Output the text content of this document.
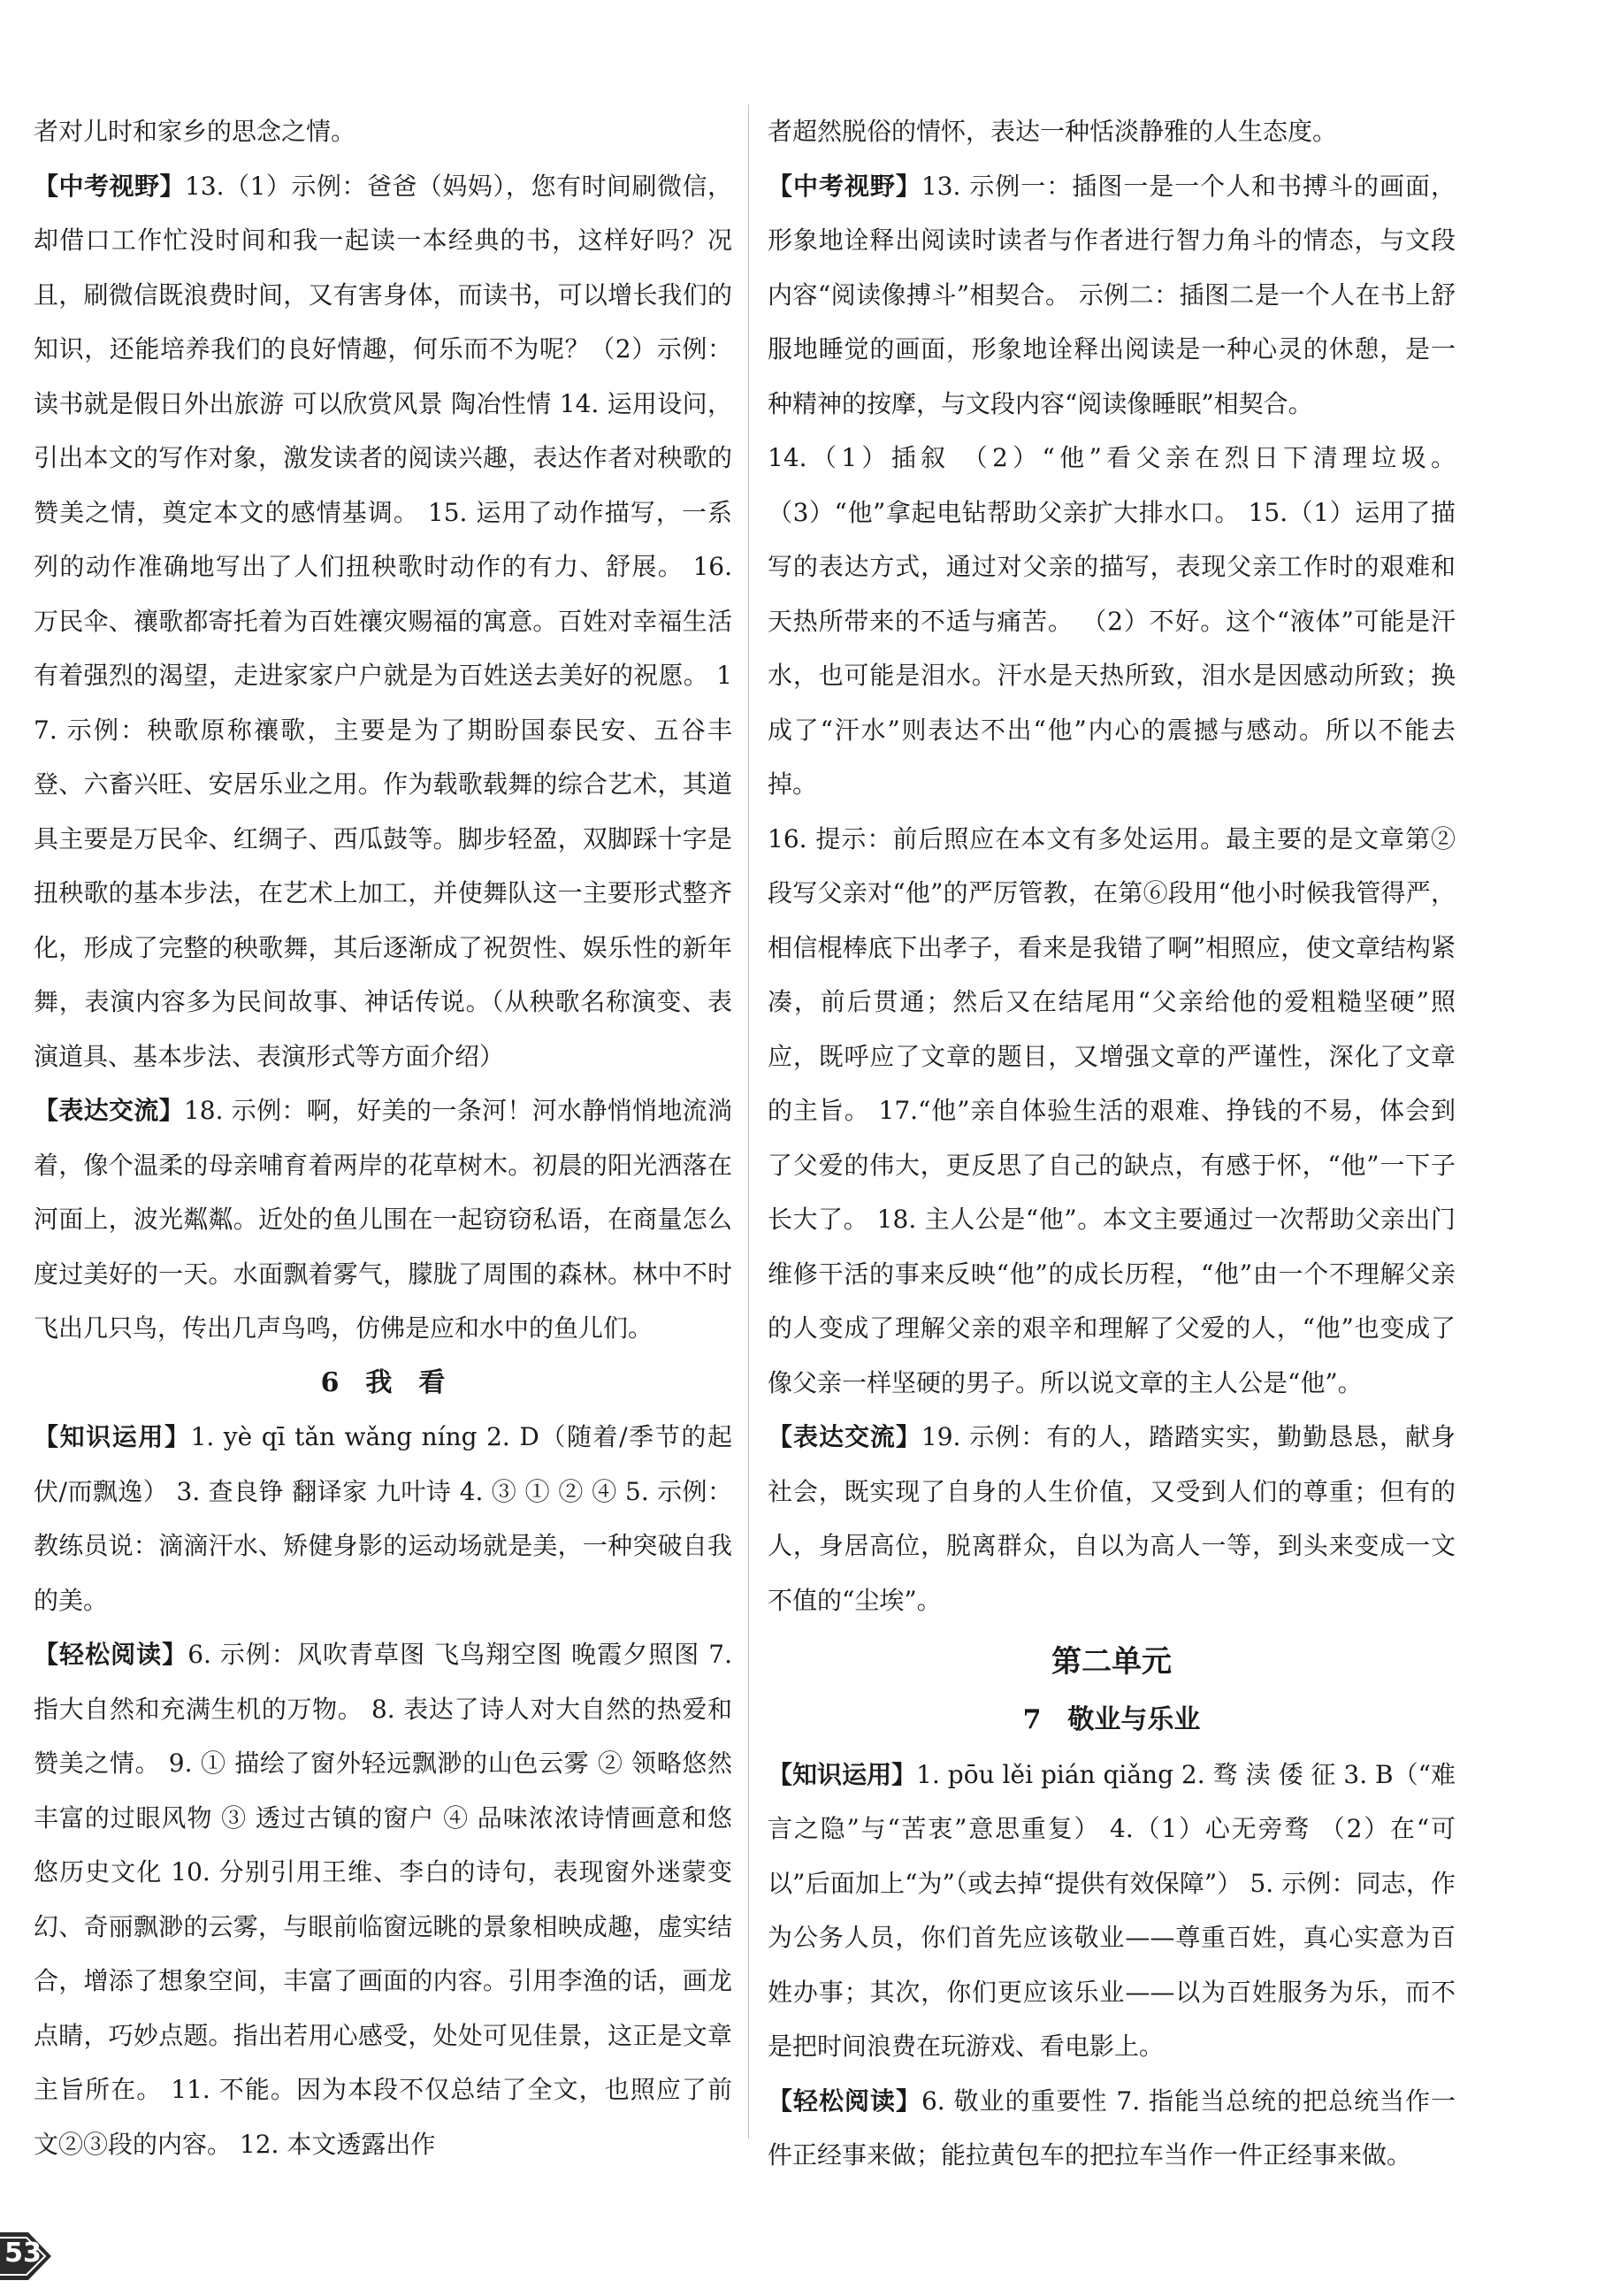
者对儿时和家乡的思念之情。
【中考视野】13.（1）示例：爸爸（妈妈），您有时间刷微信，却借口工作忙没时间和我一起读一本经典的书，这样好吗？况且，刷微信既浪费时间，又有害身体，而读书，可以增长我们的知识，还能培养我们的良好情趣，何乐而不为呢？（2）示例：读书就是假日外出旅游 可以欣赏风景 陶冶性情 14. 运用设问，引出本文的写作对象，激发读者的阅读兴趣，表达作者对秧歌的赞美之情，奠定本文的感情基调。 15. 运用了动作描写，一系列的动作准确地写出了人们扭秧歌时动作的有力、舒展。 16. 万民伞、禳歌都寄托着为百姓禳灾赐福的寓意。百姓对幸福生活有着强烈的渴望，走进家家户户就是为百姓送去美好的祝愿。 17. 示例：秧歌原称禳歌，主要是为了期盼国泰民安、五谷丰登、六畜兴旺、安居乐业之用。作为载歌载舞的综合艺术，其道具主要是万民伞、红绸子、西瓜鼓等。脚步轻盈，双脚踩十字是扭秧歌的基本步法，在艺术上加工，并使舞队这一主要形式整齐化，形成了完整的秧歌舞，其后逐渐成了祝贺性、娱乐性的新年舞，表演内容多为民间故事、神话传说。（从秧歌名称演变、表演道具、基本步法、表演形式等方面介绍）
【表达交流】18. 示例：啊，好美的一条河！河水静悄悄地流淌着，像个温柔的母亲哺育着两岸的花草树木。初晨的阳光洒落在河面上，波光粼粼。近处的鱼儿围在一起窃窃私语，在商量怎么度过美好的一天。水面飘着雾气，朦胧了周围的森林。林中不时飞出几只鸟，传出几声鸟鸣，仿佛是应和水中的鱼儿们。
6　我　看
【知识运用】1. yè qī tǎn wǎng níng 2. D（随着/季节的起伏/而飘逸） 3. 查良铮 翻译家 九叶诗 4. ③ ① ② ④ 5. 示例：教练员说：滴滴汗水、矫健身影的运动场就是美，一种突破自我的美。
【轻松阅读】6. 示例：风吹青草图 飞鸟翔空图 晚霞夕照图 7. 指大自然和充满生机的万物。 8. 表达了诗人对大自然的热爱和赞美之情。 9. ① 描绘了窗外轻远飘渺的山色云雾 ② 领略悠然丰富的过眼风物 ③ 透过古镇的窗户 ④ 品味浓浓诗情画意和悠悠历史文化 10. 分别引用王维、李白的诗句，表现窗外迷蒙变幻、奇丽飘渺的云雾，与眼前临窗远眺的景象相映成趣，虚实结合，增添了想象空间，丰富了画面的内容。引用李渔的话，画龙点睛，巧妙点题。指出若用心感受，处处可见佳景，这正是文章主旨所在。 11. 不能。因为本段不仅总结了全文，也照应了前文②③段的内容。 12. 本文透露出作
者超然脱俗的情怀，表达一种恬淡静雅的人生态度。
【中考视野】13. 示例一：插图一是一个人和书搏斗的画面，形象地诠释出阅读时读者与作者进行智力角斗的情态，与文段内容“阅读像搏斗”相契合。 示例二：插图二是一个人在书上舒服地睡觉的画面，形象地诠释出阅读是一种心灵的休憩，是一种精神的按摩，与文段内容“阅读像睡眠”相契合。
14.（1）插叙 （2）“他”看父亲在烈日下清理垃圾。（3）“他”拿起电钻帮助父亲扩大排水口。 15.（1）运用了描写的表达方式，通过对父亲的描写，表现父亲工作时的艰难和天热所带来的不适与痛苦。 （2）不好。这个“液体”可能是汗水，也可能是泪水。汗水是天热所致，泪水是因感动所致；换成了“汗水”则表达不出“他”内心的震撼与感动。所以不能去掉。
16. 提示：前后照应在本文有多处运用。最主要的是文章第②段写父亲对“他”的严厉管教，在第⑥段用“他小时候我管得严，相信棍棒底下出孝子，看来是我错了啊”相照应，使文章结构紧凑，前后贯通；然后又在结尾用“父亲给他的爱粗糙坚硬”照应，既呼应了文章的题目，又增强文章的严谨性，深化了文章的主旨。 17.“他”亲自体验生活的艰难、挣钱的不易，体会到了父爱的伟大，更反思了自己的缺点，有感于怀，“他”一下子长大了。 18. 主人公是“他”。本文主要通过一次帮助父亲出门维修干活的事来反映“他”的成长历程，“他”由一个不理解父亲的人变成了理解父亲的艰辛和理解了父爱的人，“他”也变成了像父亲一样坚硬的男子。所以说文章的主人公是“他”。
【表达交流】19. 示例：有的人，踏踏实实，勤勤恳恳，献身社会，既实现了自身的人生价值，又受到人们的尊重；但有的人，身居高位，脱离群众，自以为高人一等，到头来变成一文不值的“尘埃”。
第二单元
7　敬业与乐业
【知识运用】1. pōu lěi pián qiǎng 2. 骛 渎 倭 征 3. B（“难言之隐”与“苦衷”意思重复） 4.（1）心无旁骛 （2）在“可以”后面加上“为”（或去掉“提供有效保障”） 5. 示例：同志，作为公务人员，你们首先应该敬业——尊重百姓，真心实意为百姓办事；其次，你们更应该乐业——以为百姓服务为乐，而不是把时间浪费在玩游戏、看电影上。
【轻松阅读】6. 敬业的重要性 7. 指能当总统的把总统当作一件正经事来做；能拉黄包车的把拉车当作一件正经事来做。
53
